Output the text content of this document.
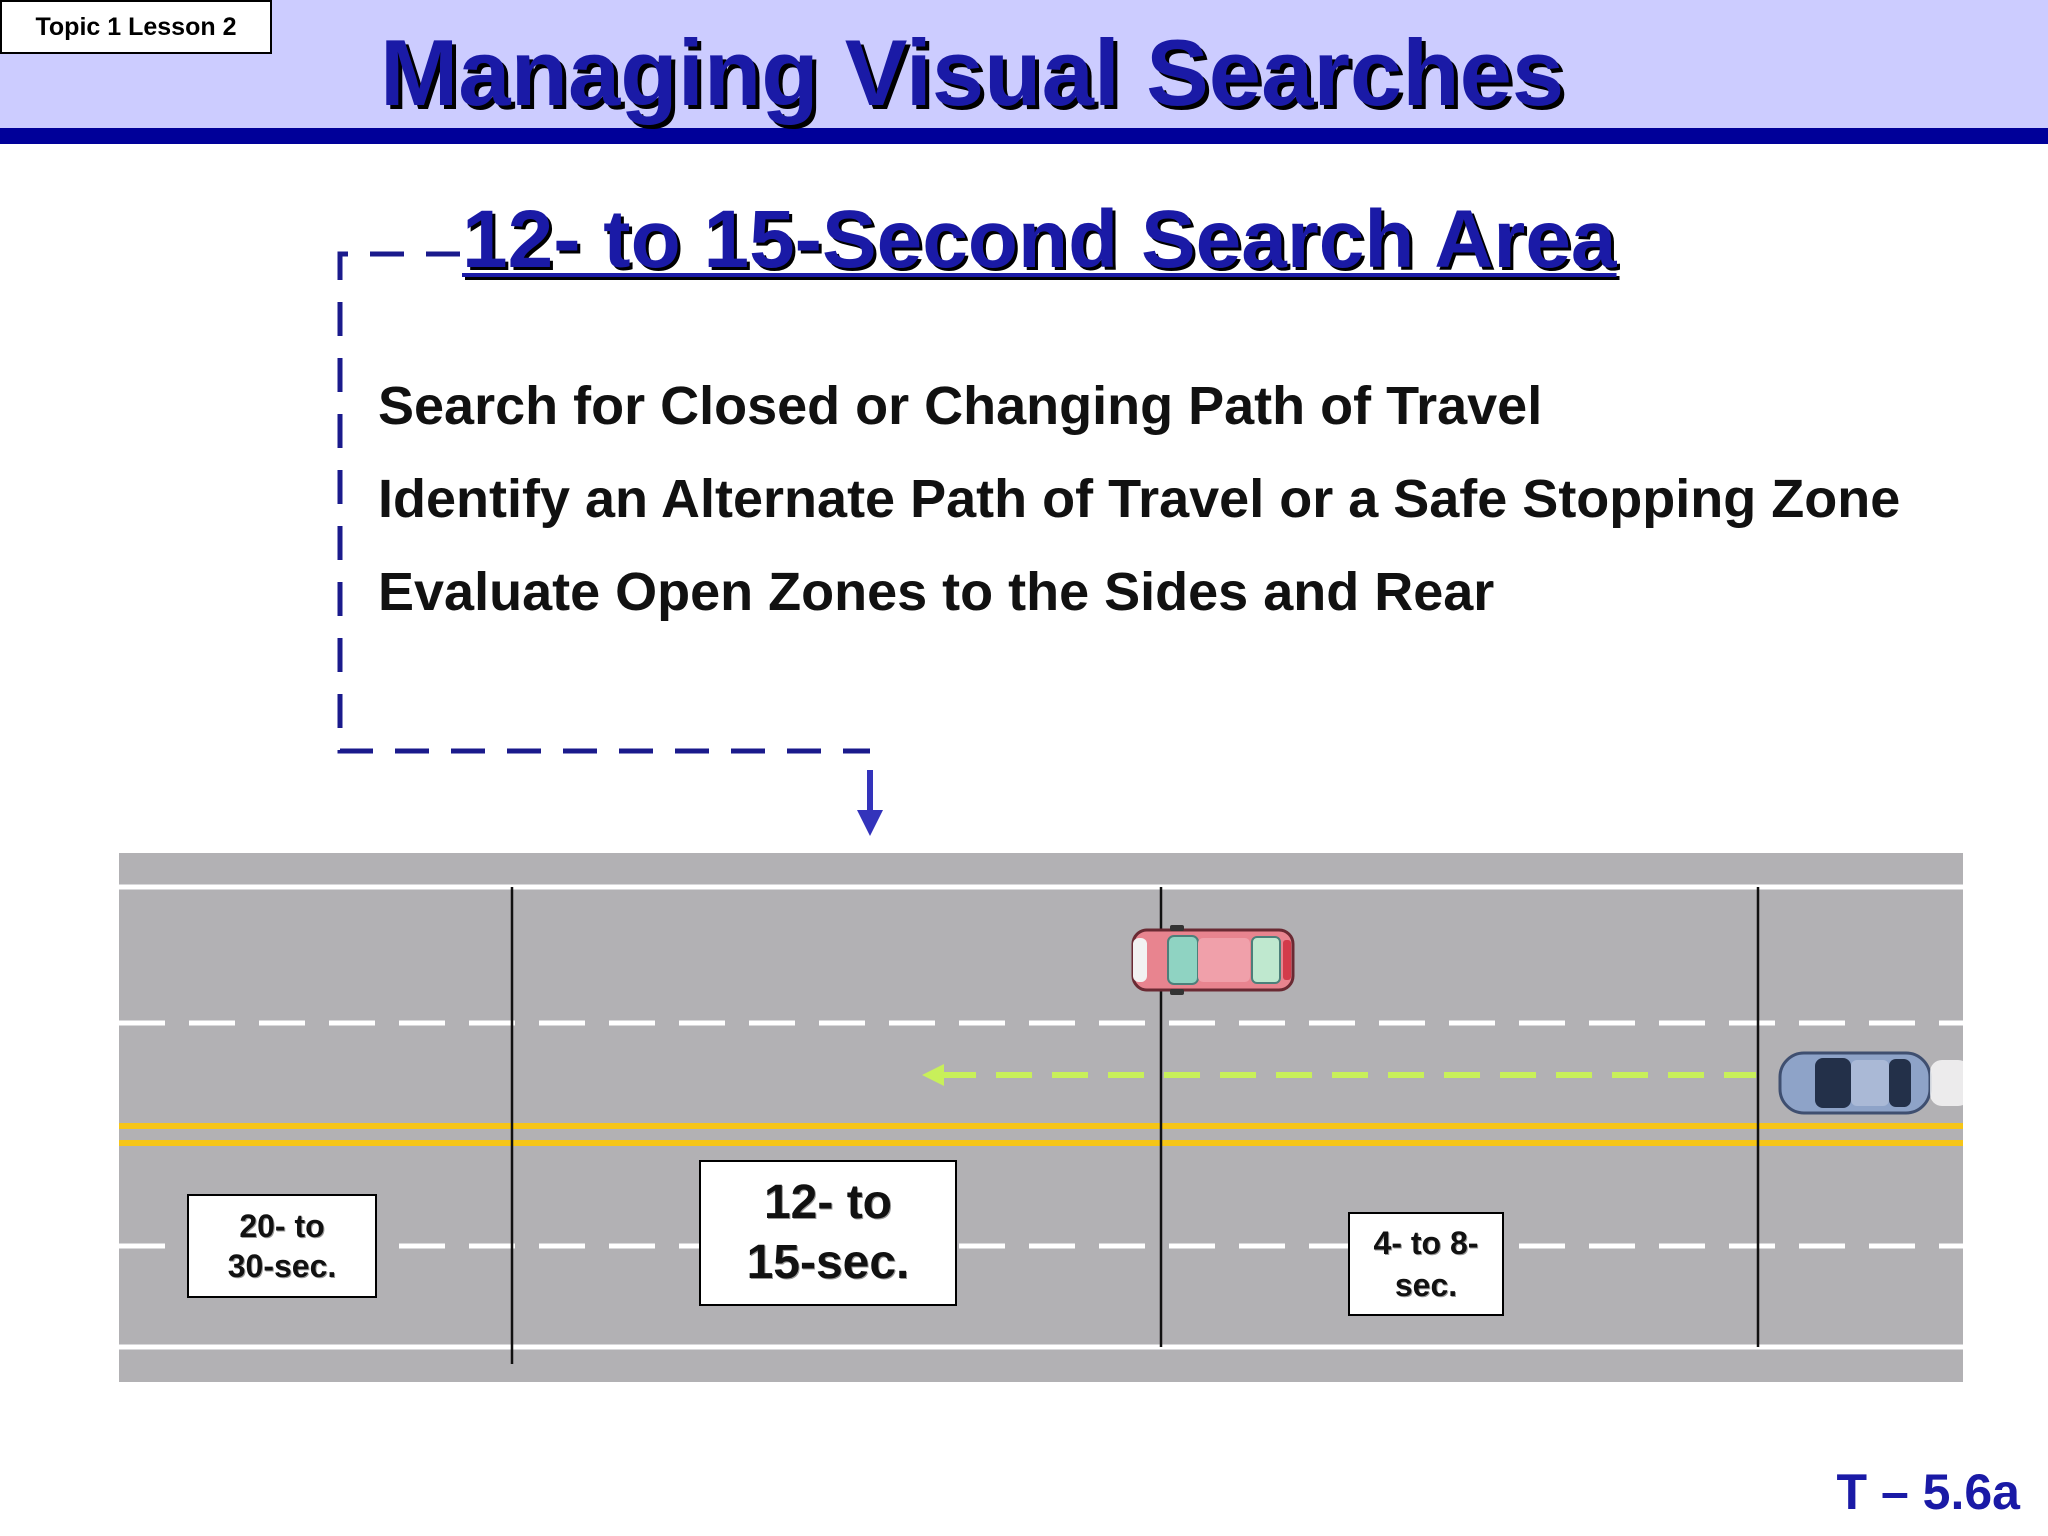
Topic 1 Lesson 2	Managing Visual Searches
12- to 15-Second Search Area
Search for Closed or Changing Path of Travel
Identify an Alternate Path of Travel or a Safe Stopping Zone
Evaluate Open Zones to the Sides and Rear
20- to
30-sec.
12- to
15-sec.	4- to 8-
sec.
T – 5.6a
